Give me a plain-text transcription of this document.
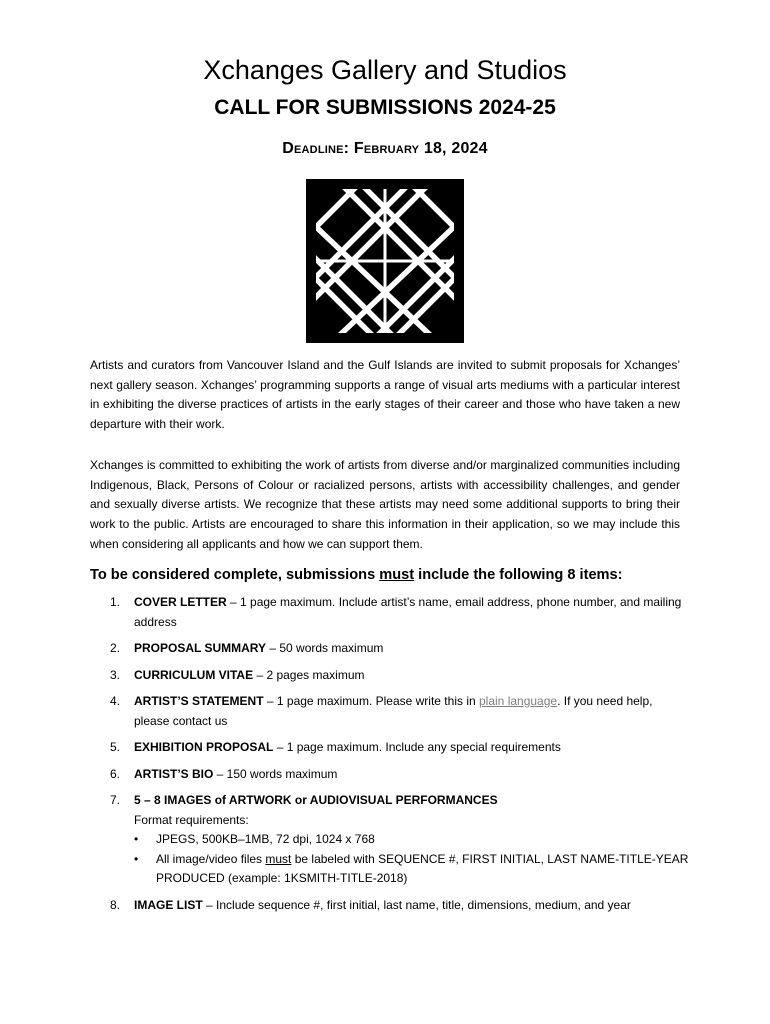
Xchanges Gallery and Studios
CALL FOR SUBMISSIONS 2024-25
Deadline: February 18, 2024

Artists and curators from Vancouver Island and the Gulf Islands are invited to submit proposals for Xchanges’ next gallery season. Xchanges’ programming supports a range of visual arts mediums with a particular interest in exhibiting the diverse practices of artists in the early stages of their career and those who have taken a new departure with their work.

Xchanges is committed to exhibiting the work of artists from diverse and/or marginalized communities including Indigenous, Black, Persons of Colour or racialized persons, artists with accessibility challenges, and gender and sexually diverse artists. We recognize that these artists may need some additional supports to bring their work to the public. Artists are encouraged to share this information in their application, so we may include this when considering all applicants and how we can support them.

To be considered complete, submissions must include the following 8 items:
1. COVER LETTER – 1 page maximum. Include artist’s name, email address, phone number, and mailing address
2. PROPOSAL SUMMARY – 50 words maximum
3. CURRICULUM VITAE – 2 pages maximum
4. ARTIST’S STATEMENT – 1 page maximum. Please write this in plain language. If you need help, please contact us
5. EXHIBITION PROPOSAL – 1 page maximum. Include any special requirements
6. ARTIST’S BIO – 150 words maximum
7. 5 – 8 IMAGES of ARTWORK or AUDIOVISUAL PERFORMANCES
Format requirements:
• JPEGS, 500KB–1MB, 72 dpi, 1024 x 768
• All image/video files must be labeled with SEQUENCE #, FIRST INITIAL, LAST NAME-TITLE-YEAR PRODUCED (example: 1KSMITH-TITLE-2018)
8. IMAGE LIST – Include sequence #, first initial, last name, title, dimensions, medium, and year
